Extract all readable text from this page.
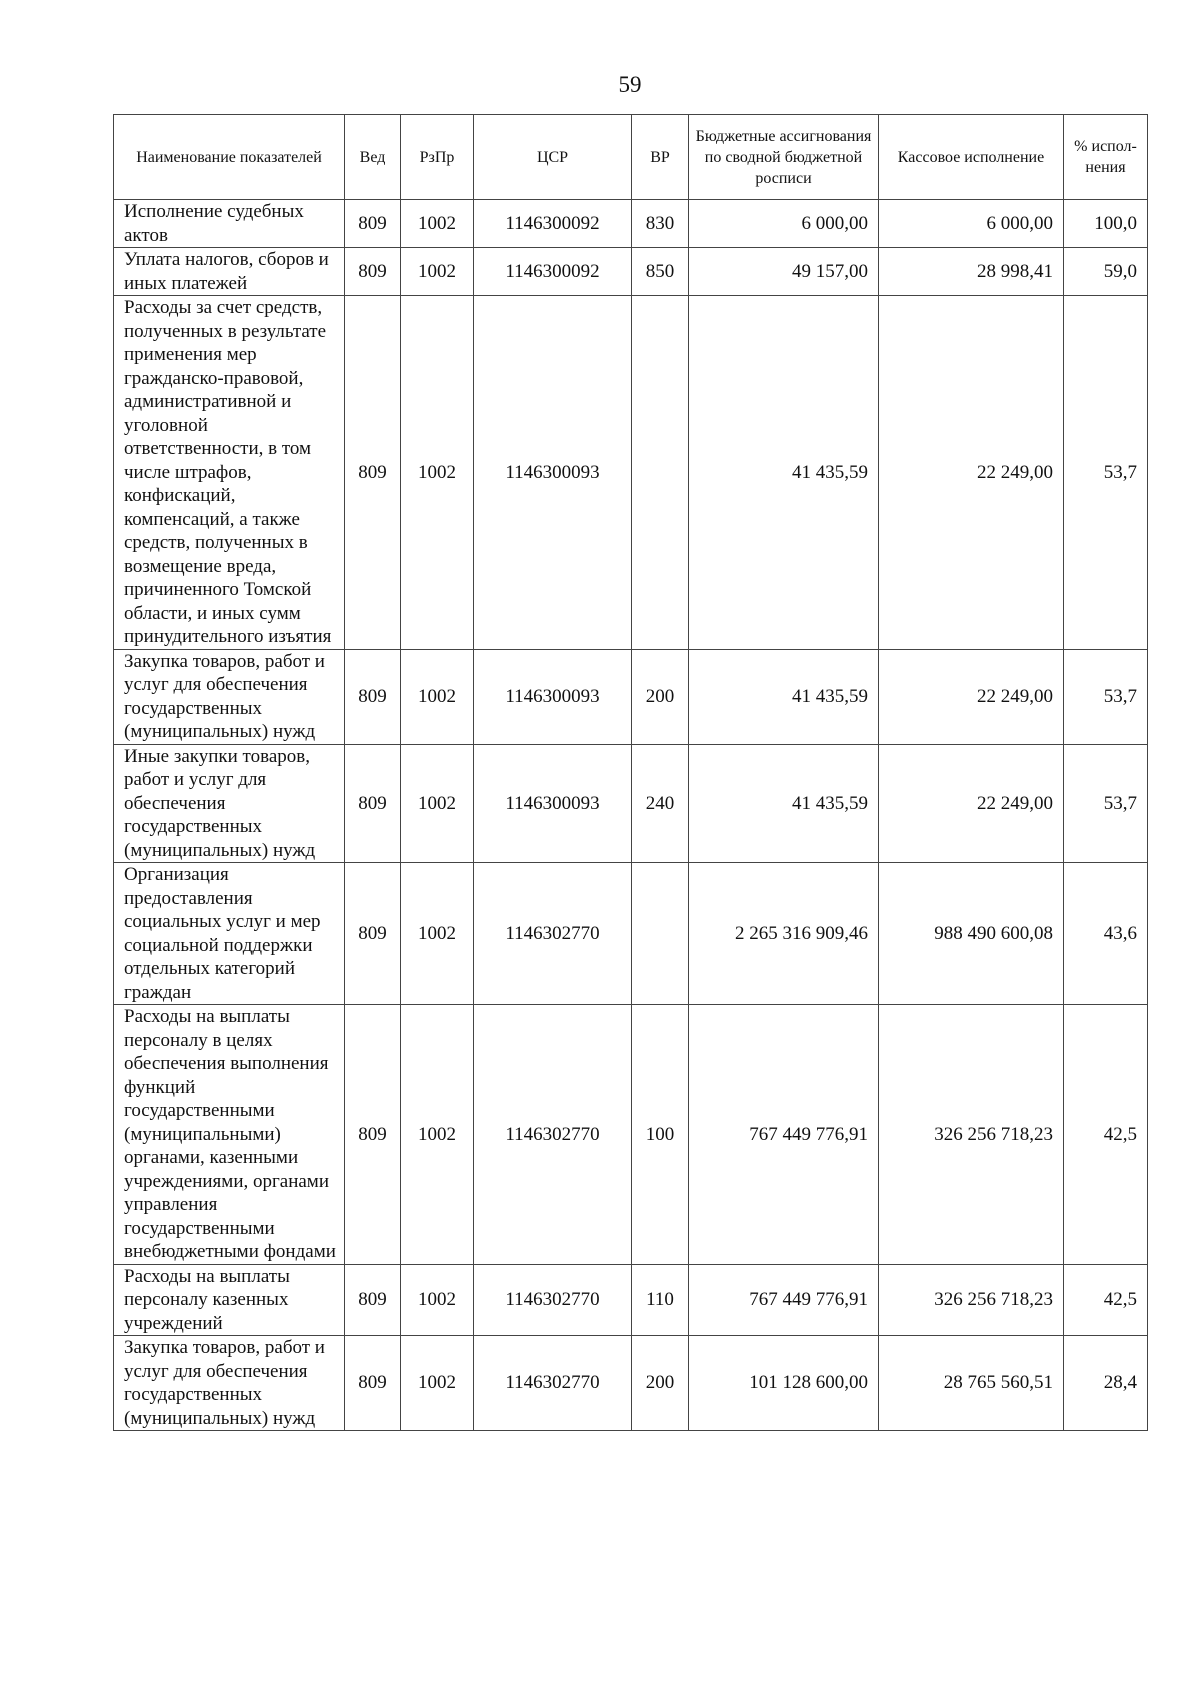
59
Наименование показателей	Вед	РзПр	ЦСР	ВР	Бюджетные ассигнования по сводной бюджетной росписи	Кассовое исполнение	% испол-нения
Исполнение судебных актов	809	1002	1146300092	830	6 000,00	6 000,00	100,0
Уплата налогов, сборов и иных платежей	809	1002	1146300092	850	49 157,00	28 998,41	59,0
Расходы за счет средств, полученных в результате применения мер гражданско-правовой, административной и уголовной ответственности, в том числе штрафов, конфискаций, компенсаций, а также средств, полученных в возмещение вреда, причиненного Томской области, и иных сумм принудительного изъятия	809	1002	1146300093		41 435,59	22 249,00	53,7
Закупка товаров, работ и услуг для обеспечения государственных (муниципальных) нужд	809	1002	1146300093	200	41 435,59	22 249,00	53,7
Иные закупки товаров, работ и услуг для обеспечения государственных (муниципальных) нужд	809	1002	1146300093	240	41 435,59	22 249,00	53,7
Организация предоставления социальных услуг и мер социальной поддержки отдельных категорий граждан	809	1002	1146302770		2 265 316 909,46	988 490 600,08	43,6
Расходы на выплаты персоналу в целях обеспечения выполнения функций государственными (муниципальными) органами, казенными учреждениями, органами управления государственными внебюджетными фондами	809	1002	1146302770	100	767 449 776,91	326 256 718,23	42,5
Расходы на выплаты персоналу казенных учреждений	809	1002	1146302770	110	767 449 776,91	326 256 718,23	42,5
Закупка товаров, работ и услуг для обеспечения государственных (муниципальных) нужд	809	1002	1146302770	200	101 128 600,00	28 765 560,51	28,4
